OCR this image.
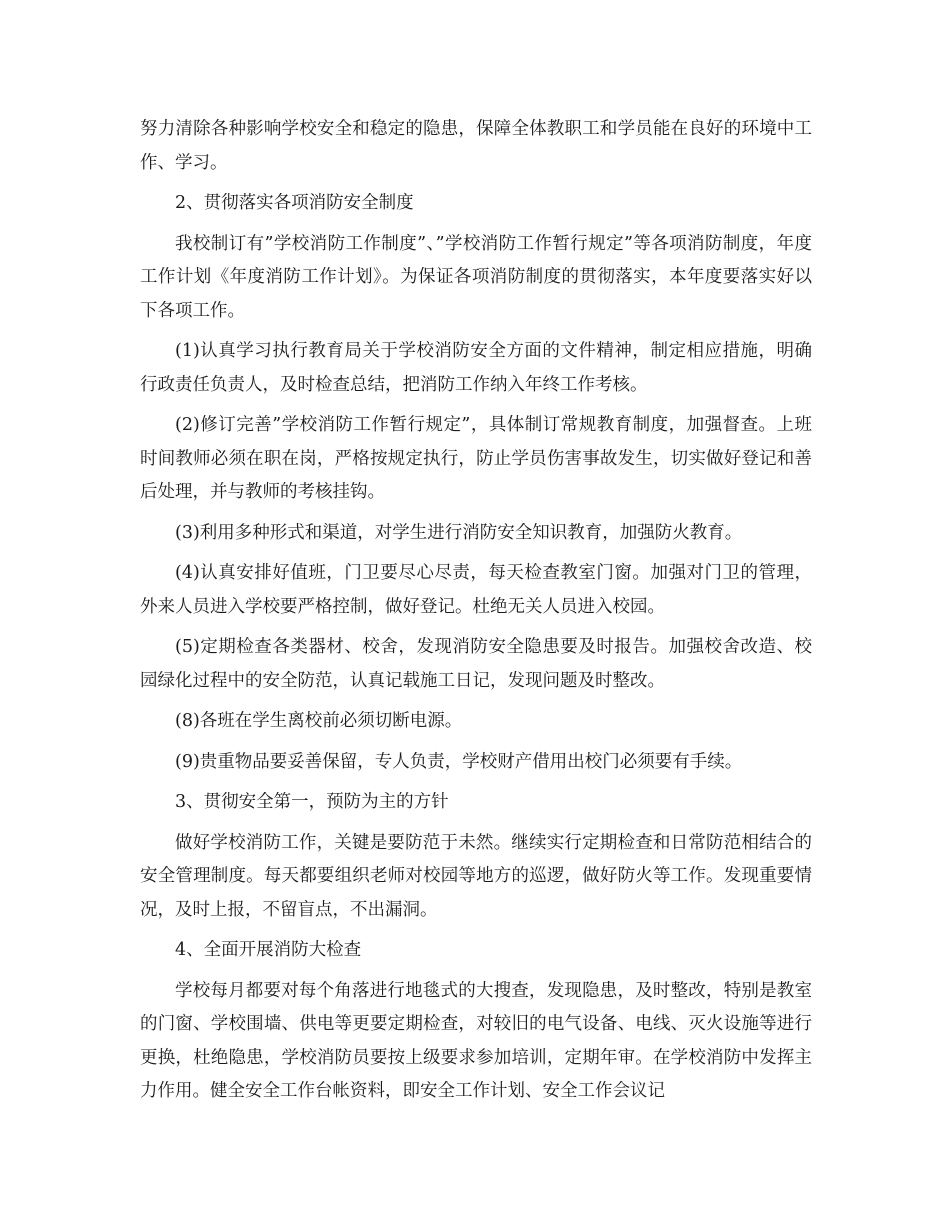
努力清除各种影响学校安全和稳定的隐患，保障全体教职工和学员能在良好的环境中工作、学习。

2、贯彻落实各项消防安全制度

我校制订有”学校消防工作制度”、”学校消防工作暂行规定”等各项消防制度，年度工作计划《年度消防工作计划》。为保证各项消防制度的贯彻落实，本年度要落实好以下各项工作。

(1)认真学习执行教育局关于学校消防安全方面的文件精神，制定相应措施，明确行政责任负责人，及时检查总结，把消防工作纳入年终工作考核。

(2)修订完善”学校消防工作暂行规定”，具体制订常规教育制度，加强督查。上班时间教师必须在职在岗，严格按规定执行，防止学员伤害事故发生，切实做好登记和善后处理，并与教师的考核挂钩。

(3)利用多种形式和渠道，对学生进行消防安全知识教育，加强防火教育。

(4)认真安排好值班，门卫要尽心尽责，每天检查教室门窗。加强对门卫的管理，外来人员进入学校要严格控制，做好登记。杜绝无关人员进入校园。

(5)定期检查各类器材、校舍，发现消防安全隐患要及时报告。加强校舍改造、校园绿化过程中的安全防范，认真记载施工日记，发现问题及时整改。

(8)各班在学生离校前必须切断电源。

(9)贵重物品要妥善保留，专人负责，学校财产借用出校门必须要有手续。

3、贯彻安全第一，预防为主的方针

做好学校消防工作，关键是要防范于未然。继续实行定期检查和日常防范相结合的安全管理制度。每天都要组织老师对校园等地方的巡逻，做好防火等工作。发现重要情况，及时上报，不留盲点，不出漏洞。

4、全面开展消防大检查

学校每月都要对每个角落进行地毯式的大搜查，发现隐患，及时整改，特别是教室的门窗、学校围墙、供电等更要定期检查，对较旧的电气设备、电线、灭火设施等进行更换，杜绝隐患，学校消防员要按上级要求参加培训，定期年审。在学校消防中发挥主力作用。健全安全工作台帐资料，即安全工作计划、安全工作会议记
